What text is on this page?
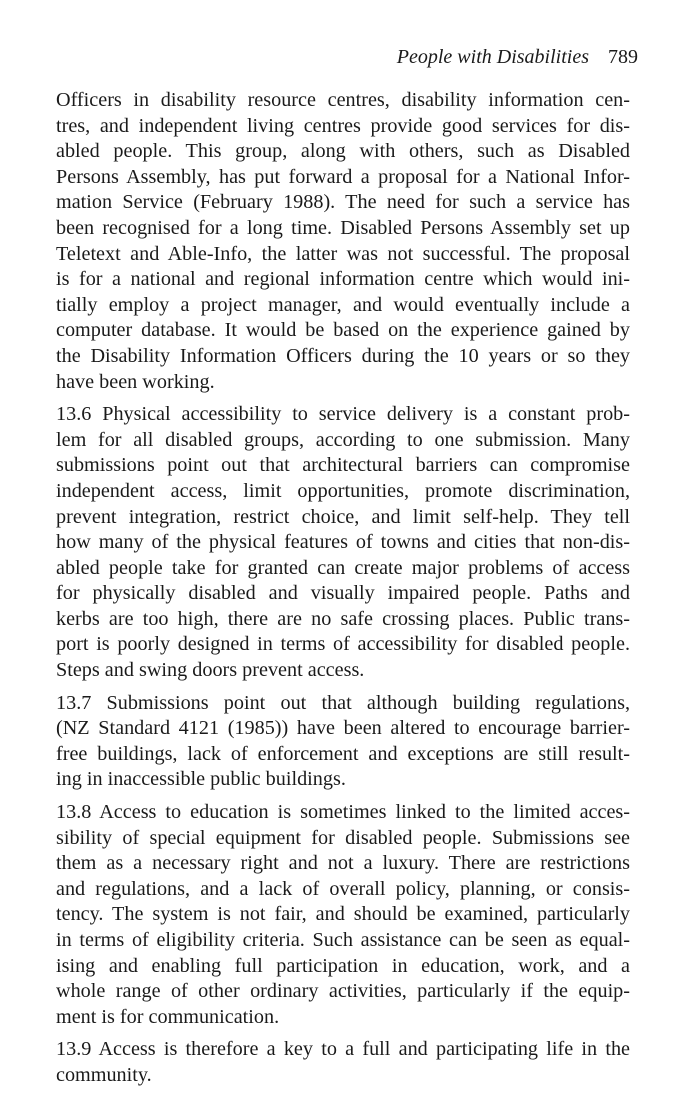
People with Disabilities 789
Officers in disability resource centres, disability information cen-
tres, and independent living centres provide good services for dis-
abled people. This group, along with others, such as Disabled
Persons Assembly, has put forward a proposal for a National Infor-
mation Service (February 1988). The need for such a service has
been recognised for a long time. Disabled Persons Assembly set up
Teletext and Able-Info, the latter was not successful. The proposal
is for a national and regional information centre which would ini-
tially employ a project manager, and would eventually include a
computer database. It would be based on the experience gained by
the Disability Information Officers during the 10 years or so they
have been working.
13.6 Physical accessibility to service delivery is a constant prob-
lem for all disabled groups, according to one submission. Many
submissions point out that architectural barriers can compromise
independent access, limit opportunities, promote discrimination,
prevent integration, restrict choice, and limit self-help. They tell
how many of the physical features of towns and cities that non-dis-
abled people take for granted can create major problems of access
for physically disabled and visually impaired people. Paths and
kerbs are too high, there are no safe crossing places. Public trans-
port is poorly designed in terms of accessibility for disabled people.
Steps and swing doors prevent access.
13.7 Submissions point out that although building regulations,
(NZ Standard 4121 (1985)) have been altered to encourage barrier-
free buildings, lack of enforcement and exceptions are still result-
ing in inaccessible public buildings.
13.8 Access to education is sometimes linked to the limited acces-
sibility of special equipment for disabled people. Submissions see
them as a necessary right and not a luxury. There are restrictions
and regulations, and a lack of overall policy, planning, or consis-
tency. The system is not fair, and should be examined, particularly
in terms of eligibility criteria. Such assistance can be seen as equal-
ising and enabling full participation in education, work, and a
whole range of other ordinary activities, particularly if the equip-
ment is for communication.
13.9 Access is therefore a key to a full and participating life in the
community.
